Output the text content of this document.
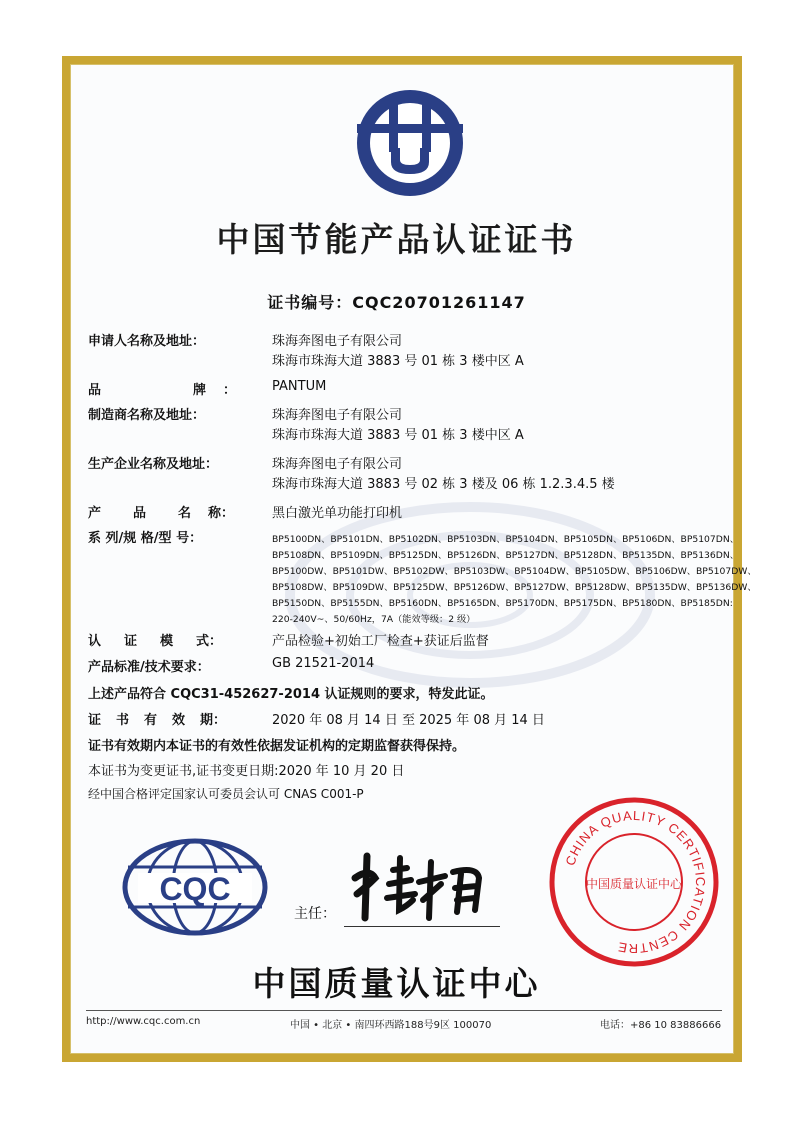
中国节能产品认证证书
证书编号：CQC20701261147
申请人名称及地址：	珠海奔图电子有限公司
珠海市珠海大道 3883 号 01 栋 3 楼中区 A
品	牌 ：	PANTUM
制造商名称及地址：	珠海奔图电子有限公司
珠海市珠海大道 3883 号 01 栋 3 楼中区 A
生产企业名称及地址：	珠海奔图电子有限公司
珠海市珠海大道 3883 号 02 栋 3 楼及 06 栋 1.2.3.4.5 楼
产 品 名 称：	黑白激光单功能打印机
系 列/规 格/型 号：	BP5100DN、BP5101DN、BP5102DN、BP5103DN、BP5104DN、BP5105DN、BP5106DN、BP5107DN、
BP5108DN、BP5109DN、BP5125DN、BP5126DN、BP5127DN、BP5128DN、BP5135DN、BP5136DN、
BP5100DW、BP5101DW、BP5102DW、BP5103DW、BP5104DW、BP5105DW、BP5106DW、BP5107DW、
BP5108DW、BP5109DW、BP5125DW、BP5126DW、BP5127DW、BP5128DW、BP5135DW、BP5136DW、
BP5150DN、BP5155DN、BP5160DN、BP5165DN、BP5170DN、BP5175DN、BP5180DN、BP5185DN:
220-240V~、50/60Hz，7A（能效等级：2 级）
认 证 模 式：	产品检验+初始工厂检查+获证后监督
产品标准/技术要求：	GB 21521-2014
上述产品符合 CQC31-452627-2014 认证规则的要求，特发此证。
证 书 有 效 期：	2020 年 08 月 14 日 至 2025 年 08 月 14 日
证书有效期内本证书的有效性依据发证机构的定期监督获得保持。
本证书为变更证书,证书变更日期:2020 年 10 月 20 日
经中国合格评定国家认可委员会认可 CNAS C001-P
CQC
主任：
CHINA QUALITY CERTIFICATION CENTRE
中国质量认证中心
中国质量认证中心
http://www.cqc.com.cn	中国 • 北京 • 南四环西路188号9区 100070	电话：+86 10 83886666
